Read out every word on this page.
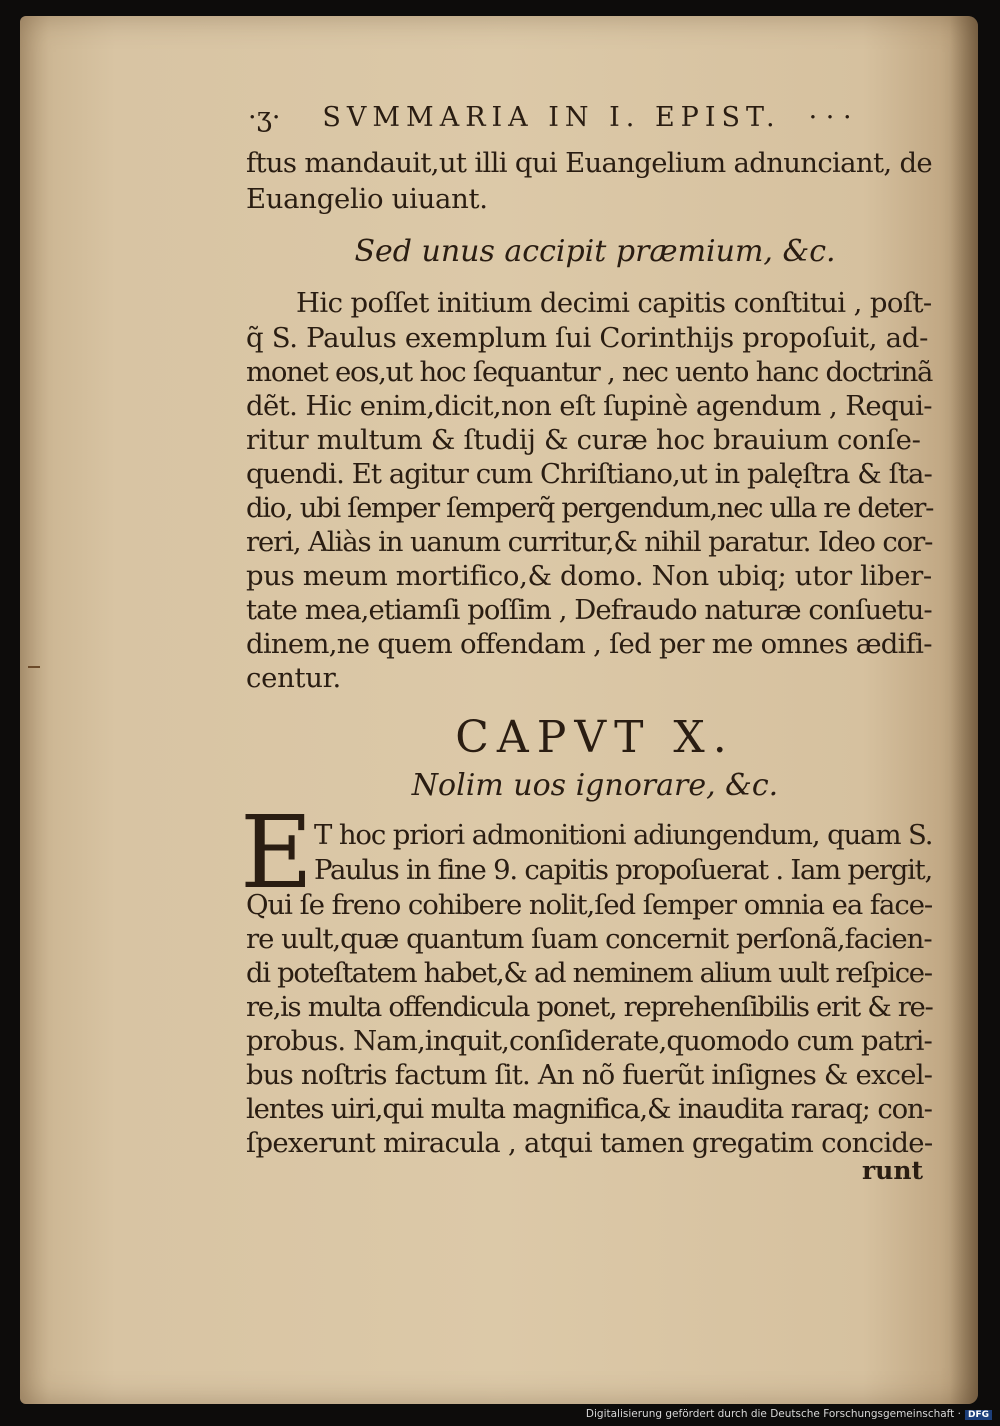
·ʒ· SVMMARIA IN I. EPIST. · · ·
ftus mandauit,ut illi qui Euangelium adnunciant, de
Euangelio uiuant.
Sed unus accipit præmium, &c.
Hic poſſet initium decimi capitis conſtitui , poſt-
q̃ S. Paulus exemplum ſui Corinthijs propoſuit, ad-
monet eos,ut hoc ſequantur , nec uento hanc doctrinã
dẽt. Hic enim,dicit,non eſt ſupinè agendum , Requi-
ritur multum & ſtudij & curæ hoc brauium conſe-
quendi. Et agitur cum Chriſtiano,ut in palęſtra & ſta-
dio, ubi ſemper ſemperq̃ pergendum,nec ulla re deter-
reri, Aliàs in uanum curritur,& nihil paratur. Ideo cor-
pus meum mortifico,& domo. Non ubiq; utor liber-
tate mea,etiamſi poſſim , Defraudo naturæ conſuetu-
dinem,ne quem offendam , ſed per me omnes ædifi-
centur.
CAPVT X.
Nolim uos ignorare, &c.
E T hoc priori admonitioni adiungendum, quam S.
Paulus in fine 9. capitis propoſuerat . Iam pergit,
Qui ſe freno cohibere nolit,ſed ſemper omnia ea face-
re uult,quæ quantum ſuam concernit perſonã,facien-
di poteſtatem habet,& ad neminem alium uult reſpice-
re,is multa offendicula ponet, reprehenſibilis erit & re-
probus. Nam,inquit,conſiderate,quomodo cum patri-
bus noſtris factum ſit. An nõ fuerũt inſignes & excel-
lentes uiri,qui multa magnifica,& inaudita raraq; con-
ſpexerunt miracula , atqui tamen gregatim concide-
runt
Digitalisierung gefördert durch die Deutsche Forschungsgemeinschaft · DFG
